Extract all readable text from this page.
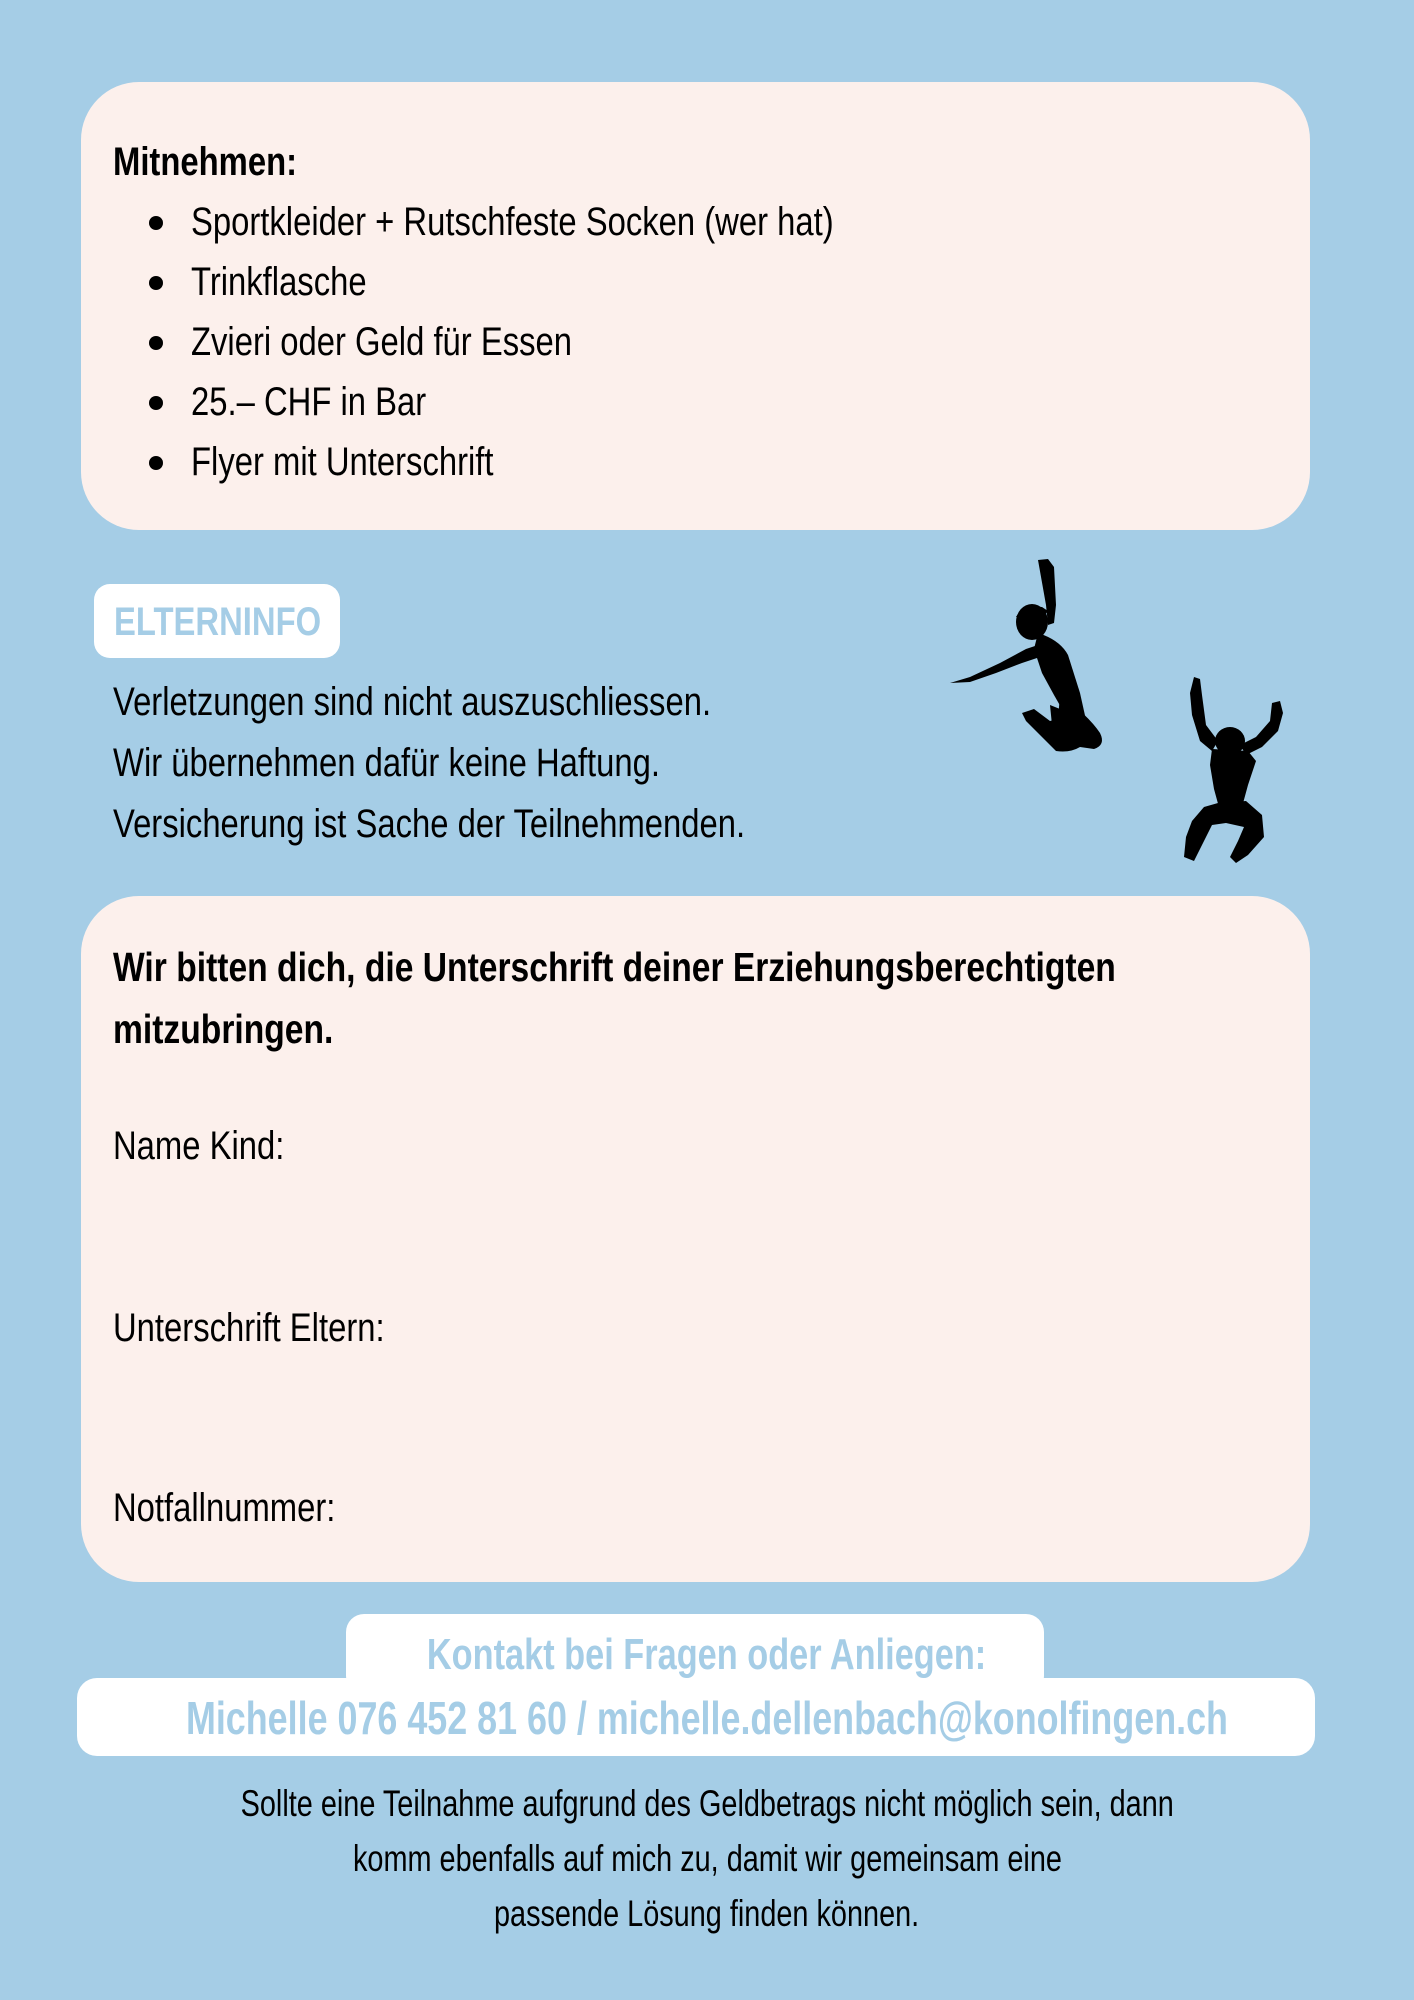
Mitnehmen:
Sportkleider + Rutschfeste Socken (wer hat)
Trinkflasche
Zvieri oder Geld für Essen
25.– CHF in Bar
Flyer mit Unterschrift
ELTERNINFO
Verletzungen sind nicht auszuschliessen.
Wir übernehmen dafür keine Haftung.
Versicherung ist Sache der Teilnehmenden.
Wir bitten dich, die Unterschrift deiner Erziehungsberechtigten
mitzubringen.
Name Kind:
Unterschrift Eltern:
Notfallnummer:
Kontakt bei Fragen oder Anliegen:
Michelle 076 452 81 60 / michelle.dellenbach@konolfingen.ch
Sollte eine Teilnahme aufgrund des Geldbetrags nicht möglich sein, dann
komm ebenfalls auf mich zu, damit wir gemeinsam eine
passende Lösung finden können.
